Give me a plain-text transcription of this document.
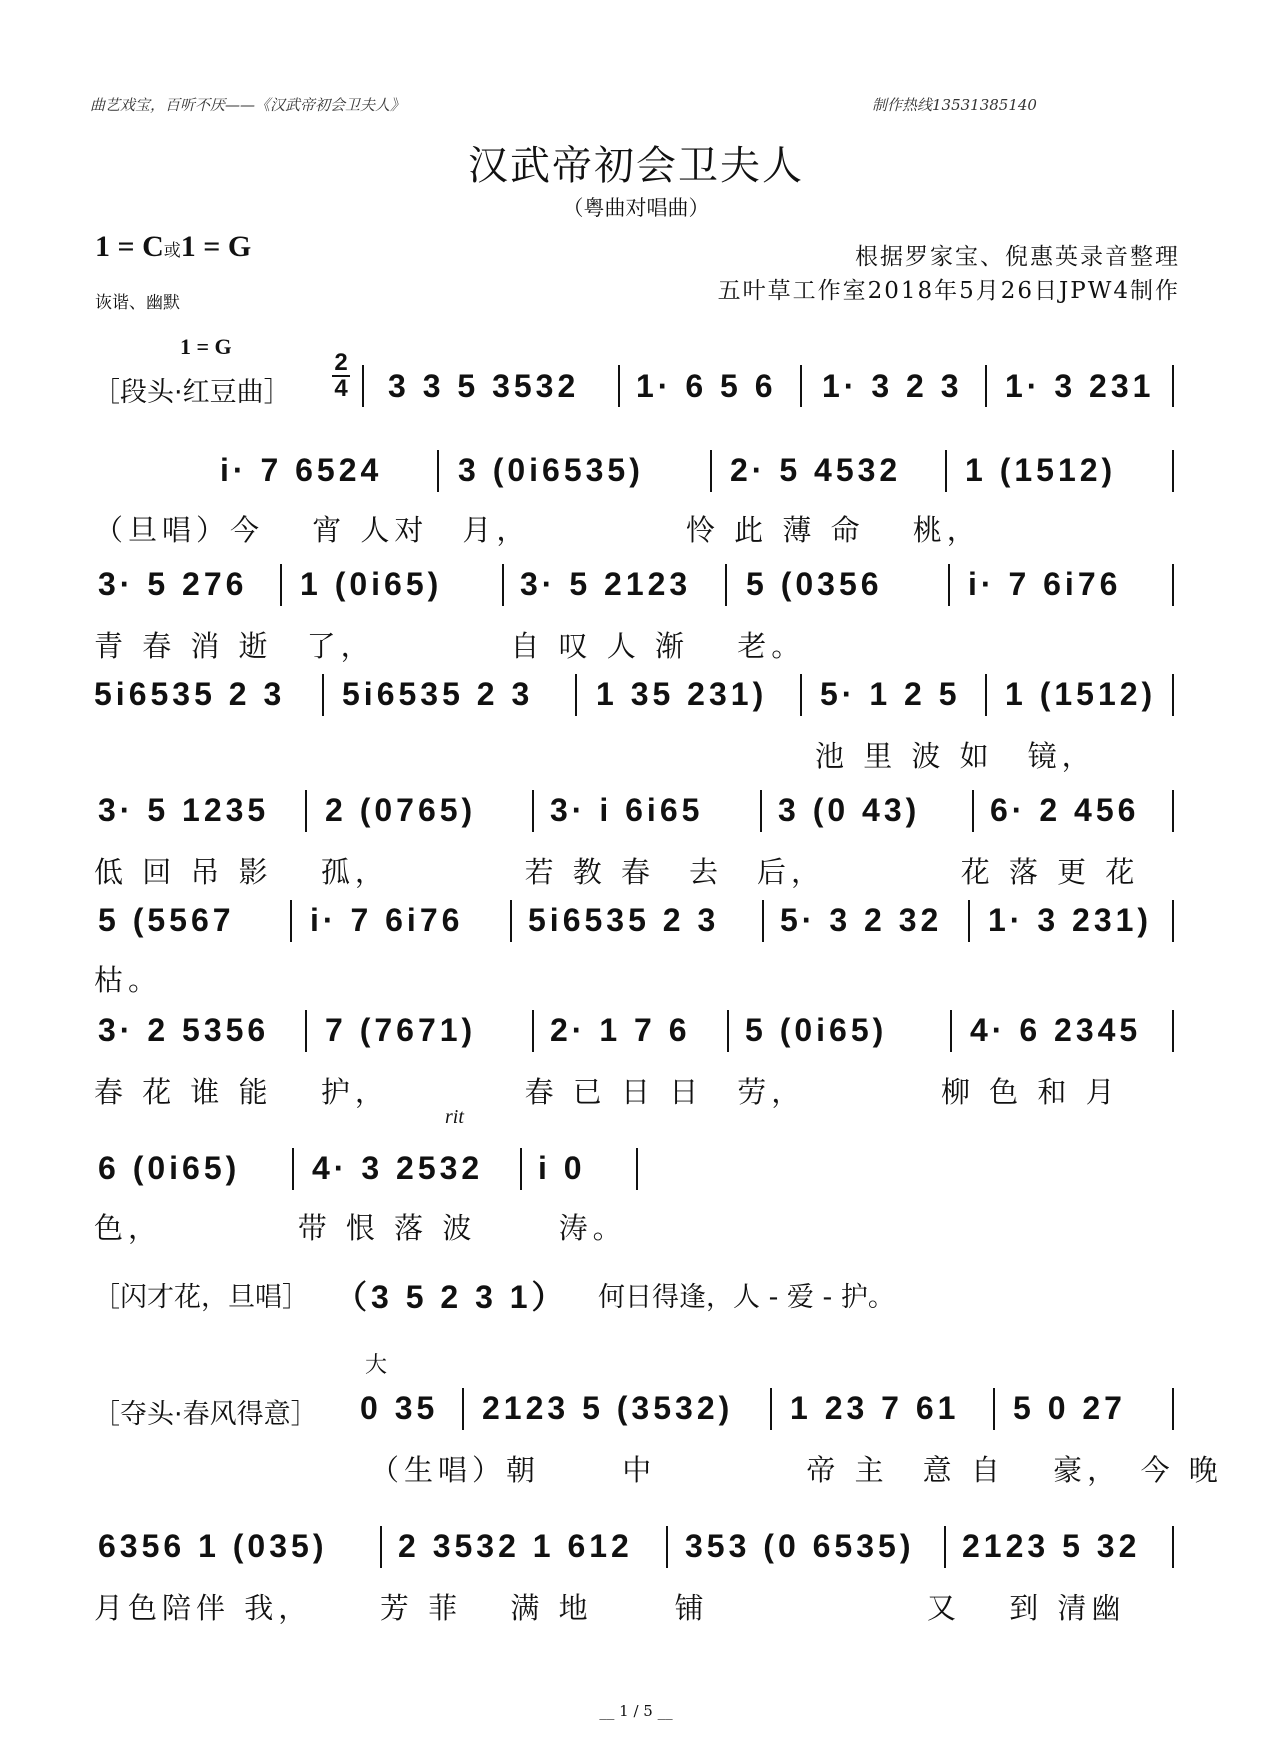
曲艺戏宝，百听不厌——《汉武帝初会卫夫人》	制作热线13531385140
汉武帝初会卫夫人
（粤曲对唱曲）
1 = C或1 = G
诙谐、幽默
根据罗家宝、倪惠英录音整理
五叶草工作室2018年5月26日JPW4制作
1 = G
［段头·红豆曲］
2
4 3 3 5 3532 1· 6 5 6 1· 3 2 3 1· 3 231
i· 7 6524 3 (0i6535)	2· 5 4532 1 (1512)
（旦唱）今　 宵 人对　月，　　　　　怜 此 薄 命　 桃，
3· 5 276 1 (0i65) 3· 5 2123 5 (0356	i· 7 6i76
青 春 消 逝　了，　　　　 自 叹 人 渐　 老。
5i6535 2 3 5i6535 2 3 1 35 231) 5· 1 2 5 1 (1512)
池 里 波 如　镜，
3· 5 1235 2 (0765) 3· i 6i65 3 (0 43) 6· 2 456
低 回 吊 影　 孤，　　　　 若 教 春　去　后，　　　　 花 落 更 花
5 (5567 i· 7 6i76 5i6535 2 3 5· 3 2 32 1· 3 231)
枯。
3· 2 5356 7 (7671) 2· 1 7 6 5 (0i65)	4· 6 2345
春 花 谁 能　 护，　　　　 春 已 日 日　劳，　　　　 柳 色 和 月
rit
6 (0i65) 4· 3 2532 i 0
色，　　　　 带 恨 落 波　　 涛。
［闪才花，旦唱］ （3 5 2 3 1） 何日得逢，人 - 爱 - 护。
大
［夺头·春风得意］ 0 35 2123 5 (3532) 1 23 7 61 5 0 27
（生唱）朝　　 中　　　　 帝 主　意 自　 豪，　今 晚
6356 1 (035) 2 3532 1 612 353 (0 6535) 2123 5 32
月色陪伴 我，　　 芳 菲　 满 地　　 铺　　　　　　 又　 到 清幽
__ 1 / 5 __
